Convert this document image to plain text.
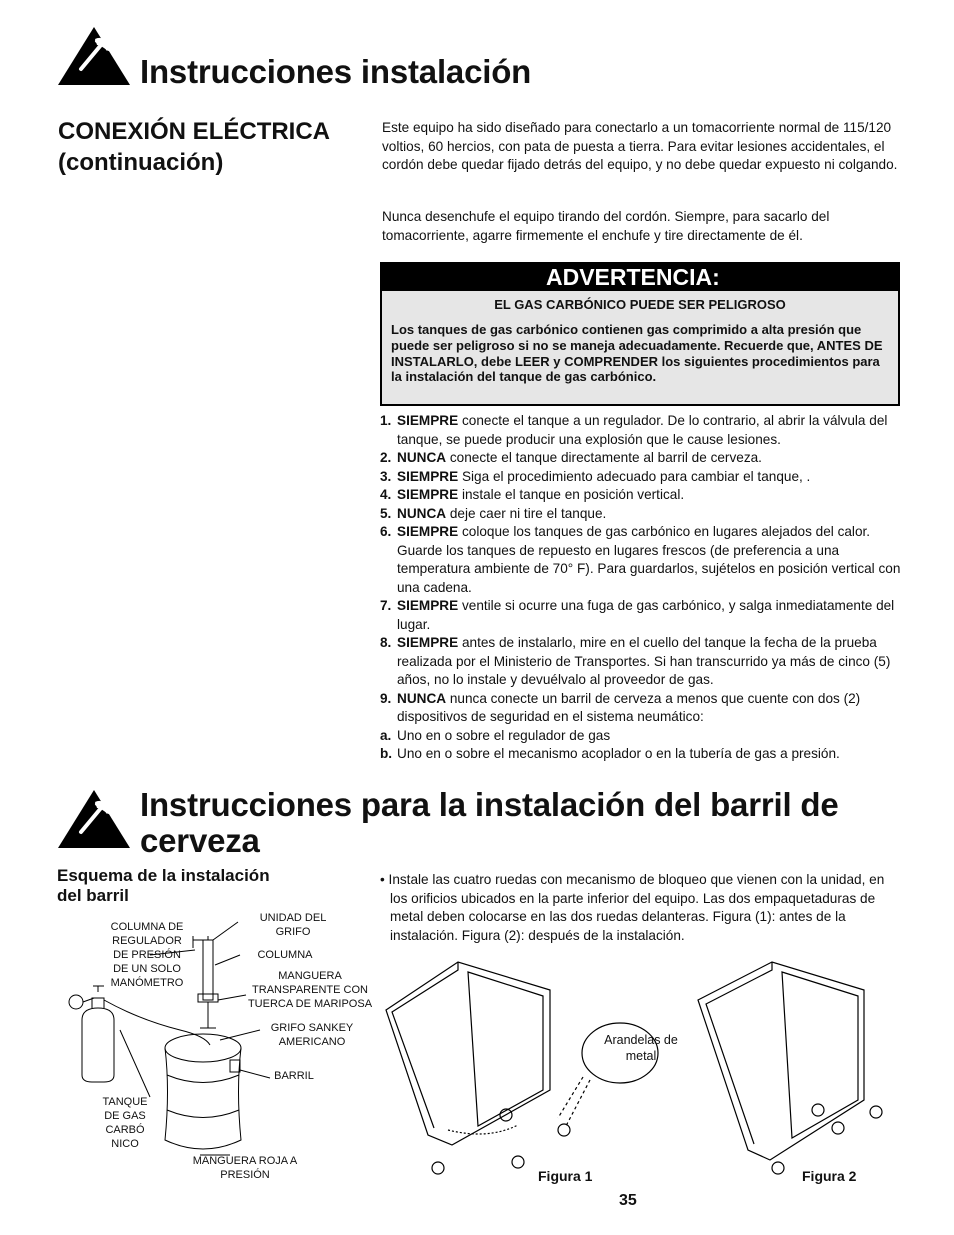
Instrucciones instalación
CONEXIÓN ELÉCTRICA
(continuación)
Este equipo ha sido diseñado para conectarlo a un tomacorriente normal de 115/120 voltios, 60 hercios, con pata de puesta a tierra. Para evitar lesiones accidentales, el cordón debe quedar fijado detrás del equipo, y no debe quedar expuesto ni colgando.
Nunca desenchufe el equipo tirando del cordón. Siempre, para sacarlo del tomacorriente, agarre firmemente el enchufe y tire directamente de él.
ADVERTENCIA:
EL GAS CARBÓNICO PUEDE SER PELIGROSO
Los tanques de gas carbónico contienen gas comprimido a alta presión que puede ser peligroso si no se maneja adecuadamente. Recuerde que, ANTES DE INSTALARLO, debe LEER y COMPRENDER los siguientes procedimientos para la instalación del tanque de gas carbónico.
1. SIEMPRE conecte el tanque a un regulador. De lo contrario, al abrir la válvula del tanque, se puede producir una explosión que le cause lesiones.
2. NUNCA conecte el tanque directamente al barril de cerveza.
3. SIEMPRE Siga el procedimiento adecuado para cambiar el tanque, .
4. SIEMPRE instale el tanque en posición vertical.
5. NUNCA deje caer ni tire el tanque.
6. SIEMPRE coloque los tanques de gas carbónico en lugares alejados del calor. Guarde los tanques de repuesto en lugares frescos (de preferencia a una temperatura ambiente de 70° F). Para guardarlos, sujételos en posición vertical con una cadena.
7. SIEMPRE ventile si ocurre una fuga de gas carbónico, y salga inmediatamente del lugar.
8. SIEMPRE antes de instalarlo, mire en el cuello del tanque la fecha de la prueba realizada por el Ministerio de Transportes. Si han transcurrido ya más de cinco (5) años, no lo instale y devuélvalo al proveedor de gas.
9. NUNCA nunca conecte un barril de cerveza a menos que cuente con dos (2) dispositivos de seguridad en el sistema neumático:
a. Uno en o sobre el regulador de gas
b. Uno en o sobre el mecanismo acoplador o en la tubería de gas a presión.
Instrucciones para la instalación del barril de
cerveza
Esquema de la instalación
del barril
• Instale las cuatro ruedas con mecanismo de bloqueo que vienen con la unidad, en los orificios ubicados en la parte inferior del equipo. Las dos empaquetaduras de metal deben colocarse en las dos ruedas delanteras. Figura (1): antes de la instalación. Figura (2): después de la instalación.
COLUMNA DE REGULADOR DE PRESIÓN DE UN SOLO MANÓMETRO
UNIDAD DEL GRIFO
COLUMNA
MANGUERA TRANSPARENTE CON TUERCA DE MARIPOSA
GRIFO SANKEY AMERICANO
BARRIL
TANQUE DE GAS CARBÓ NICO
MANGUERA ROJA A PRESIÓN
Arandelas de metal
Figura 1	Figura 2
35
